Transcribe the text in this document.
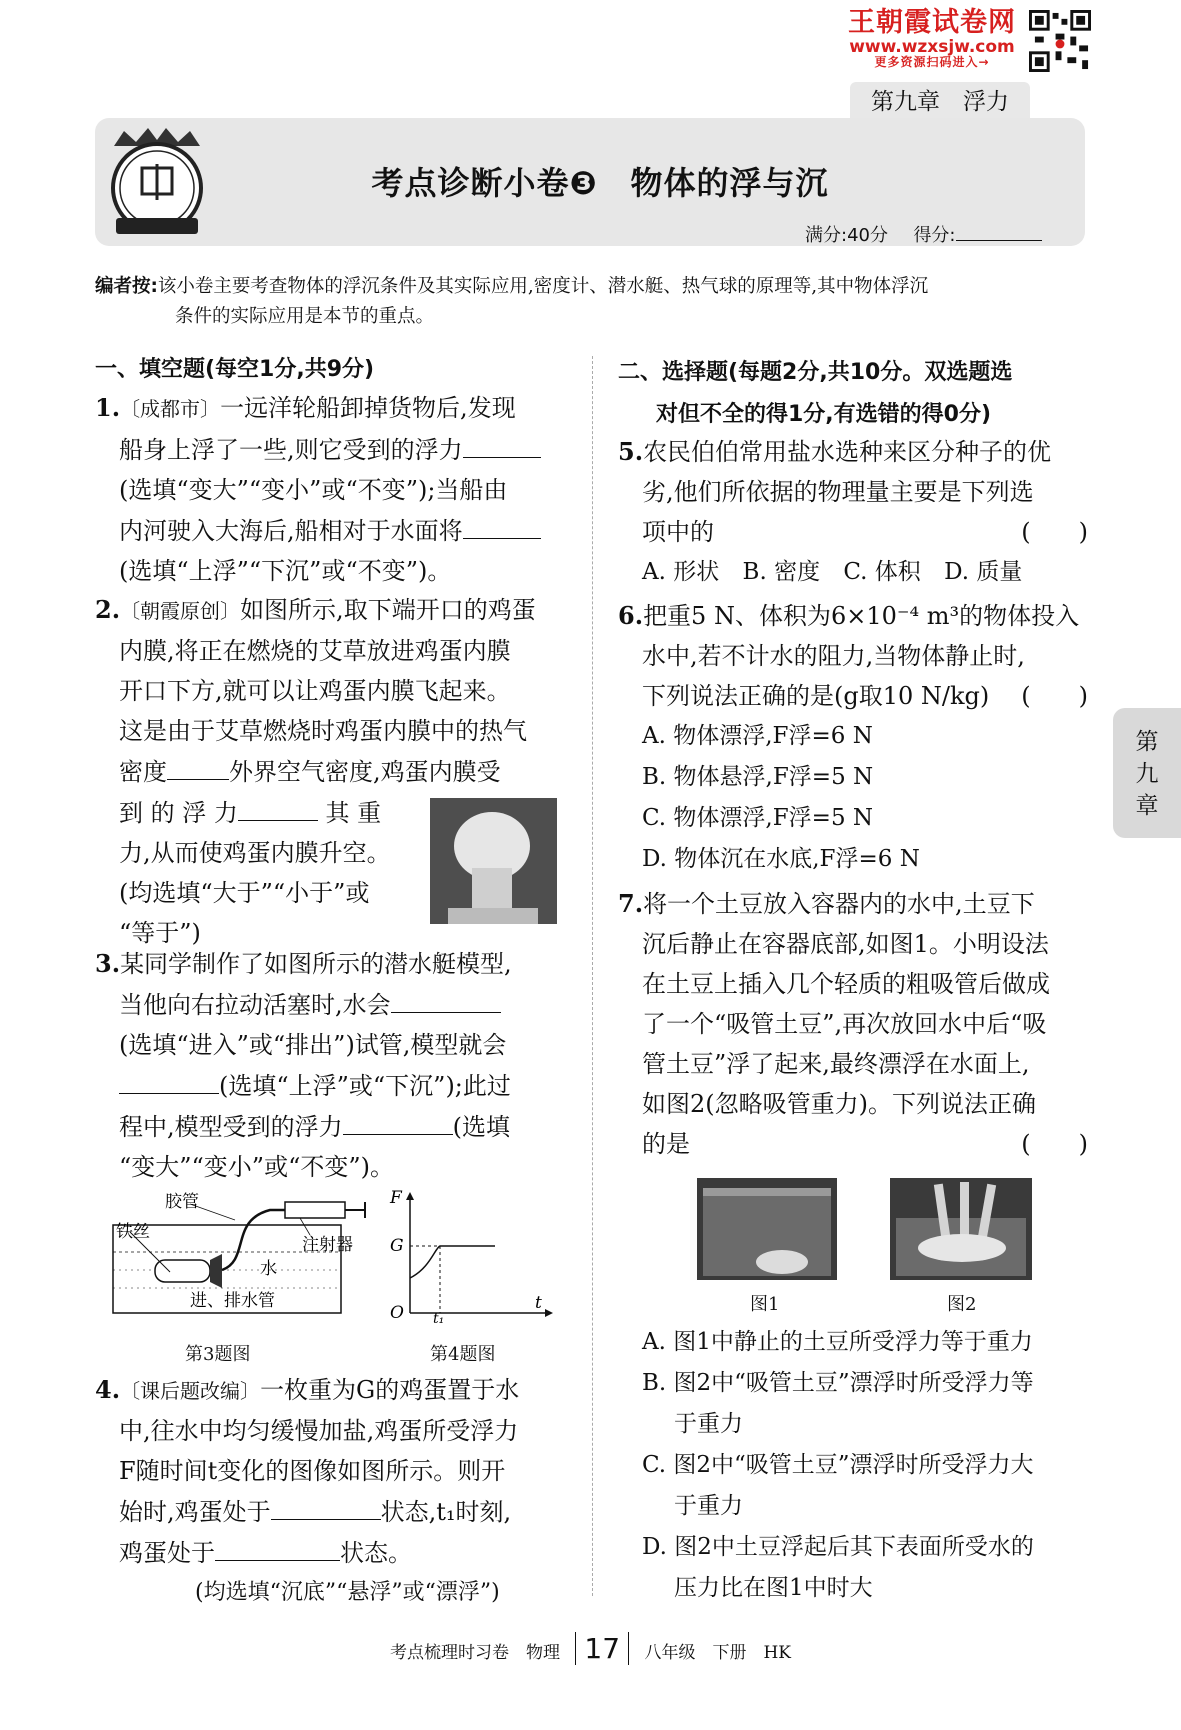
王朝霞试卷网
www.wzxsjw.com
更多资源扫码进入→
第九章　浮力
考点诊断小卷❸　物体的浮与沉
满分:40分 得分:
编者按:该小卷主要考查物体的浮沉条件及其实际应用,密度计、潜水艇、热气球的原理等,其中物体浮沉
条件的实际应用是本节的重点。
一、填空题(每空1分,共9分)
1.〔成都市〕一远洋轮船卸掉货物后,发现
船身上浮了一些,则它受到的浮力
(选填“变大”“变小”或“不变”);当船由
内河驶入大海后,船相对于水面将
(选填“上浮”“下沉”或“不变”)。
2.〔朝霞原创〕如图所示,取下端开口的鸡蛋
内膜,将正在燃烧的艾草放进鸡蛋内膜
开口下方,就可以让鸡蛋内膜飞起来。
这是由于艾草燃烧时鸡蛋内膜中的热气
密度	外界空气密度,鸡蛋内膜受
到 的 浮 力	其 重
力,从而使鸡蛋内膜升空。
(均选填“大于”“小于”或
“等于”)
3.某同学制作了如图所示的潜水艇模型,
当他向右拉动活塞时,水会
(选填“进入”或“排出”)试管,模型就会
(选填“上浮”或“下沉”);此过
程中,模型受到的浮力	(选填
“变大”“变小”或“不变”)。
胶管
铁丝
注射器
水
进、排水管
第3题图
F
G
O t₁
t
第4题图
4.〔课后题改编〕一枚重为G的鸡蛋置于水
中,往水中均匀缓慢加盐,鸡蛋所受浮力
F随时间t变化的图像如图所示。则开
始时,鸡蛋处于	状态,t₁时刻,
鸡蛋处于	状态。
(均选填“沉底”“悬浮”或“漂浮”)
二、选择题(每题2分,共10分。双选题选
对但不全的得1分,有选错的得0分)
5.农民伯伯常用盐水选种来区分种子的优
劣,他们所依据的物理量主要是下列选
项中的	(　　)
A. 形状 B. 密度 C. 体积 D. 质量
6.把重5 N、体积为6×10⁻⁴ m³的物体投入
水中,若不计水的阻力,当物体静止时,
下列说法正确的是(g取10 N/kg) (　　)
A. 物体漂浮,F浮=6 N
B. 物体悬浮,F浮=5 N
C. 物体漂浮,F浮=5 N
D. 物体沉在水底,F浮=6 N
7.将一个土豆放入容器内的水中,土豆下
沉后静止在容器底部,如图1。小明设法
在土豆上插入几个轻质的粗吸管后做成
了一个“吸管土豆”,再次放回水中后“吸
管土豆”浮了起来,最终漂浮在水面上,
如图2(忽略吸管重力)。下列说法正确
的是	(　　)
图1	图2
A. 图1中静止的土豆所受浮力等于重力
B. 图2中“吸管土豆”漂浮时所受浮力等
于重力
C. 图2中“吸管土豆”漂浮时所受浮力大
于重力
D. 图2中土豆浮起后其下表面所受水的
压力比在图1中时大
第
九
章
考点梳理时习卷　物理 17 八年级　下册　HK
